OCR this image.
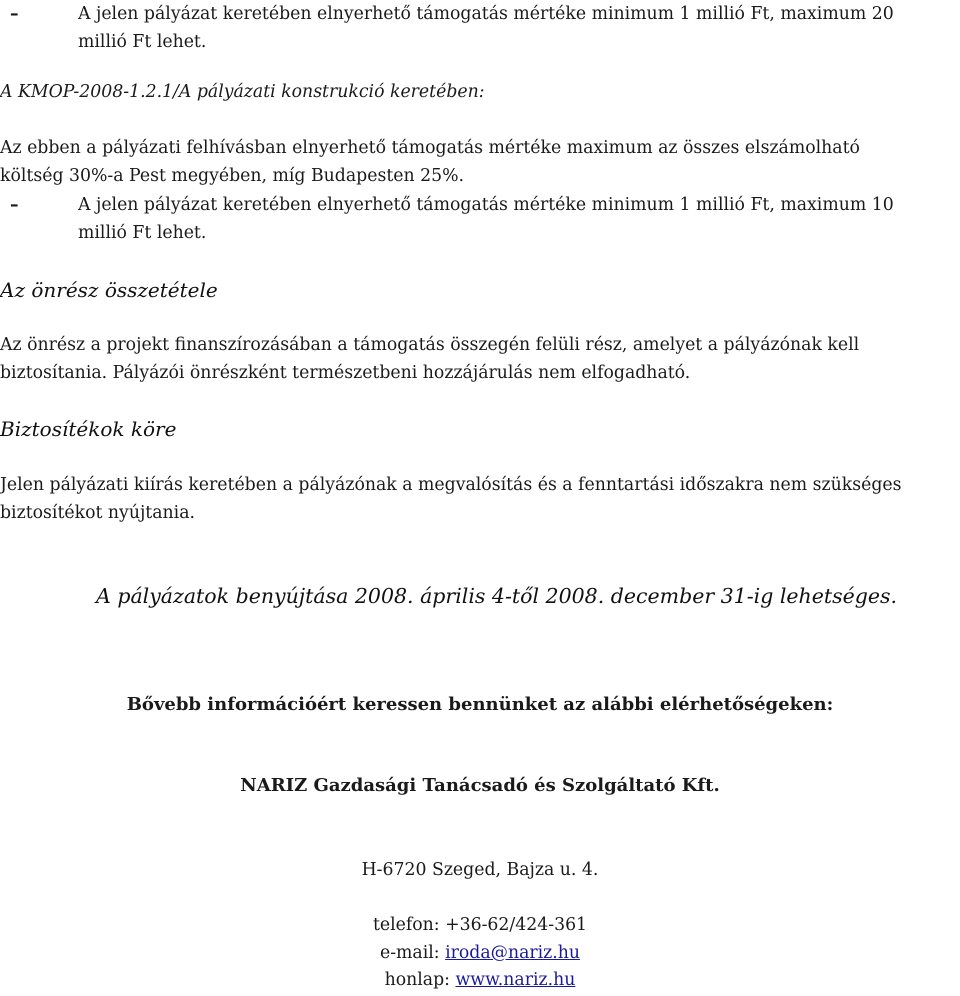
–	A jelen pályázat keretében elnyerhető támogatás mértéke minimum 1 millió Ft, maximum 20
millió Ft lehet.

A KMOP-2008-1.2.1/A pályázati konstrukció keretében:

Az ebben a pályázati felhívásban elnyerhető támogatás mértéke maximum az összes elszámolható
költség 30%-a Pest megyében, míg Budapesten 25%.

–	A jelen pályázat keretében elnyerhető támogatás mértéke minimum 1 millió Ft, maximum 10
millió Ft lehet.

Az önrész összetétele

Az önrész a projekt finanszírozásában a támogatás összegén felüli rész, amelyet a pályázónak kell
biztosítania. Pályázói önrészként természetbeni hozzájárulás nem elfogadható.

Biztosítékok köre

Jelen pályázati kiírás keretében a pályázónak a megvalósítás és a fenntartási időszakra nem szükséges
biztosítékot nyújtania.

A pályázatok benyújtása 2008. április 4-től 2008. december 31-ig lehetséges.

Bővebb információért keressen bennünket az alábbi elérhetőségeken:

NARIZ Gazdasági Tanácsadó és Szolgáltató Kft.

H-6720 Szeged, Bajza u. 4.

telefon: +36-62/424-361

e-mail: iroda@nariz.hu

honlap: www.nariz.hu
